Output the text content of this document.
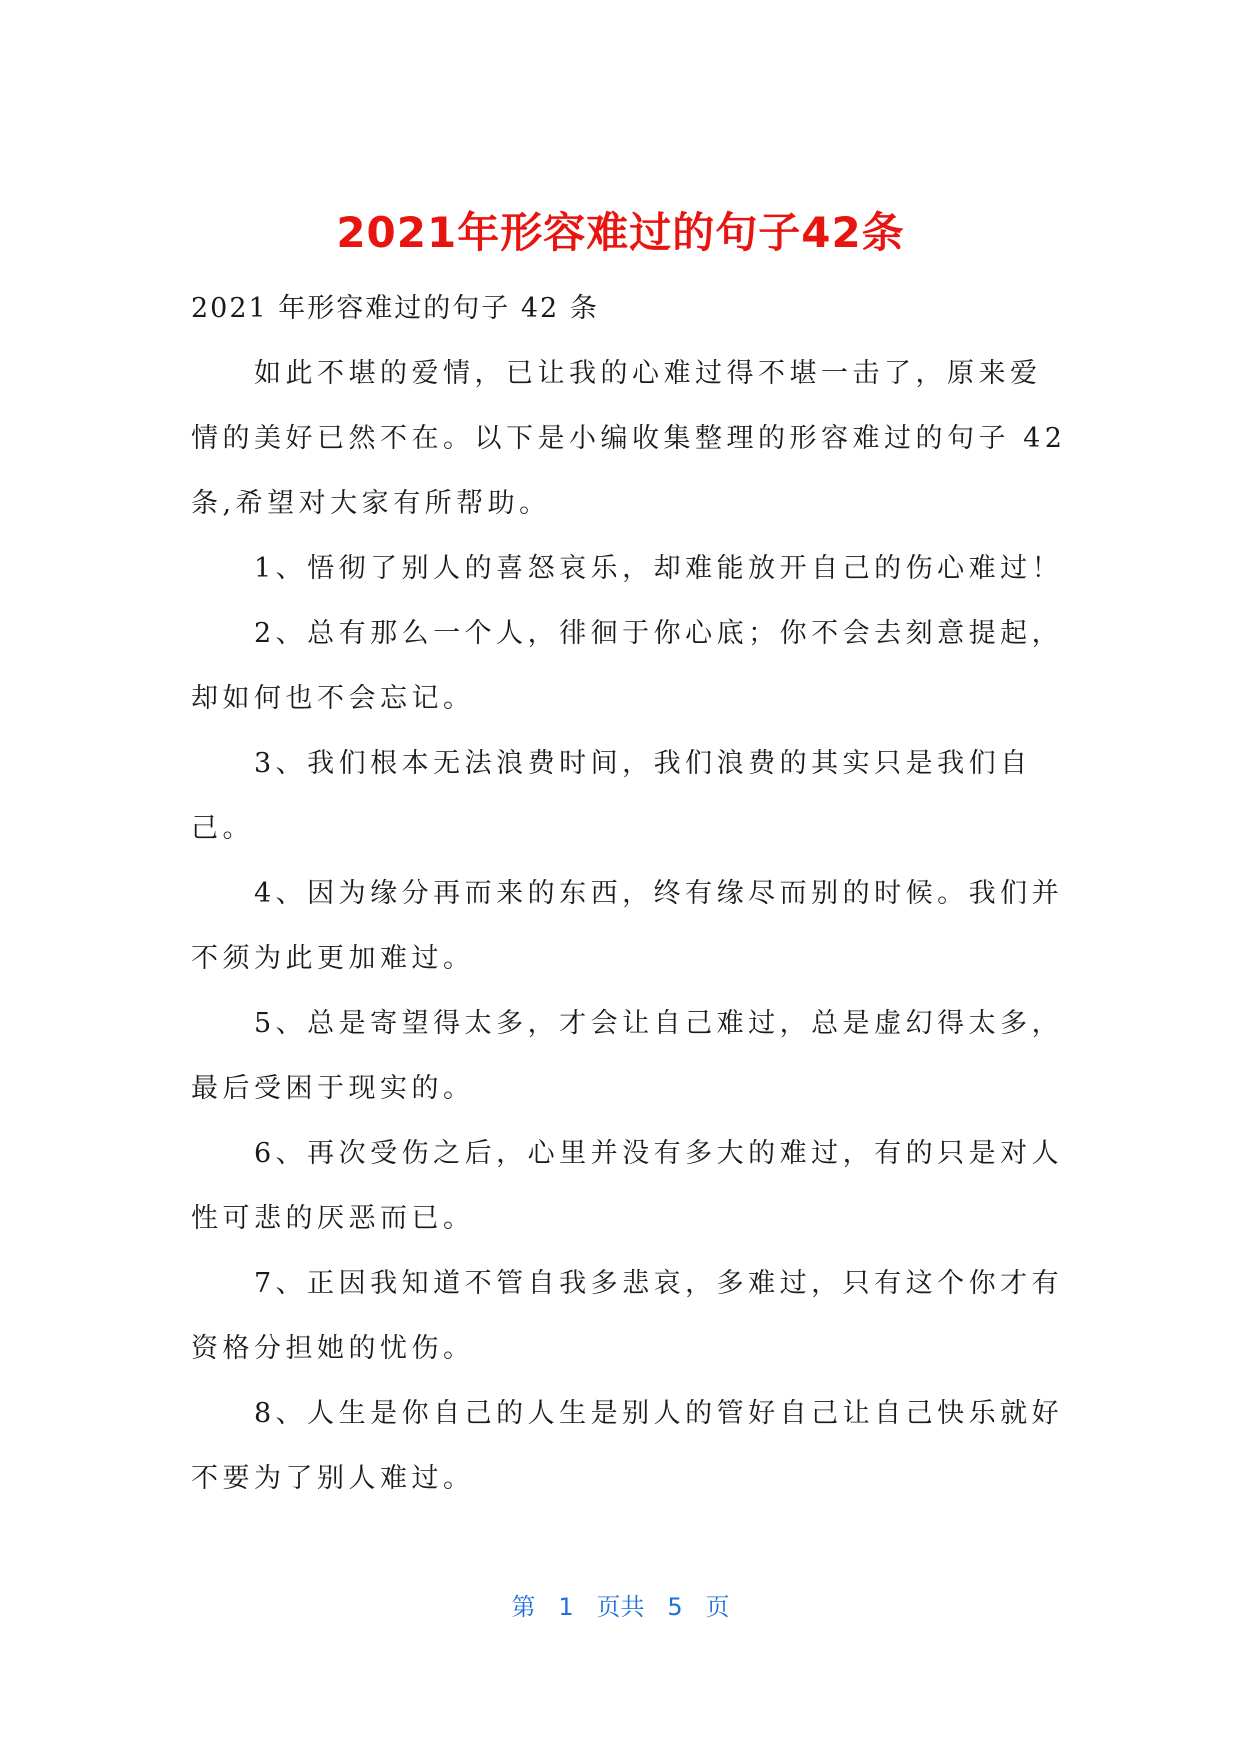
2021年形容难过的句子42条

2021 年形容难过的句子 42 条

如此不堪的爱情，已让我的心难过得不堪一击了，原来爱

情的美好已然不在。以下是小编收集整理的形容难过的句子 42

条,希望对大家有所帮助。

1、悟彻了别人的喜怒哀乐，却难能放开自己的伤心难过！

2、总有那么一个人，徘徊于你心底；你不会去刻意提起，

却如何也不会忘记。

3、我们根本无法浪费时间，我们浪费的其实只是我们自

己。

4、因为缘分再而来的东西，终有缘尽而别的时候。我们并

不须为此更加难过。

5、总是寄望得太多，才会让自己难过，总是虚幻得太多，

最后受困于现实的。

6、再次受伤之后，心里并没有多大的难过，有的只是对人

性可悲的厌恶而已。

7、正因我知道不管自我多悲哀，多难过，只有这个你才有

资格分担她的忧伤。

8、人生是你自己的人生是别人的管好自己让自己快乐就好

不要为了别人难过。

第 1 页共 5 页
